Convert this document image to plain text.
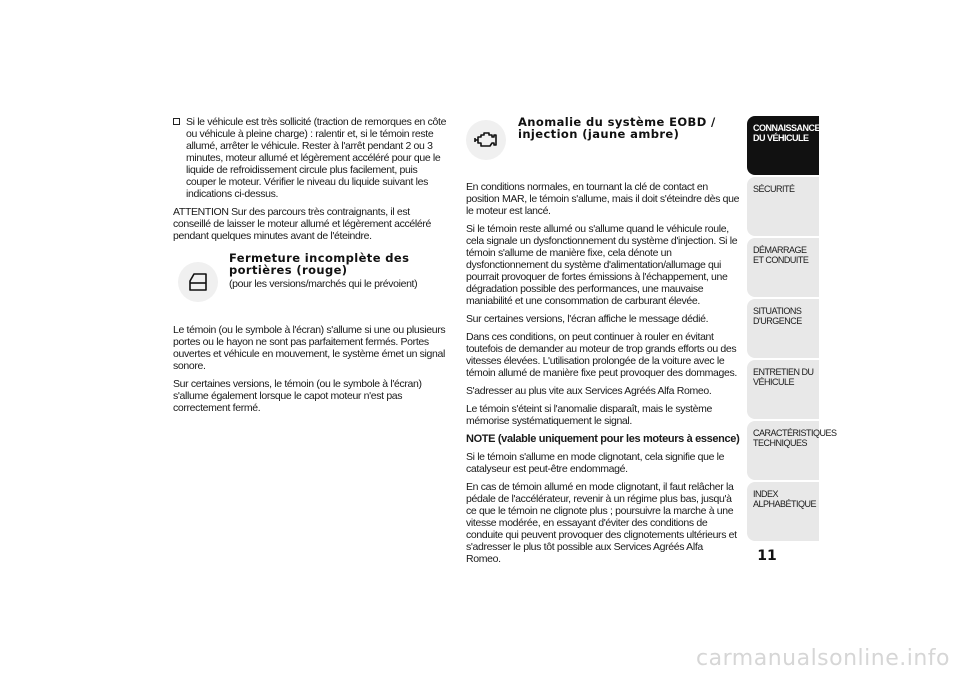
Si le véhicule est très sollicité (traction de remorques en côte ou véhicule à pleine charge) : ralentir et, si le témoin reste allumé, arrêter le véhicule. Rester à l'arrêt pendant 2 ou 3 minutes, moteur allumé et légèrement accéléré pour que le liquide de refroidissement circule plus facilement, puis couper le moteur. Vérifier le niveau du liquide suivant les indications ci-dessus.

ATTENTION Sur des parcours très contraignants, il est conseillé de laisser le moteur allumé et légèrement accéléré pendant quelques minutes avant de l'éteindre.

Fermeture incomplète des portières (rouge)
(pour les versions/marchés qui le prévoient)

Le témoin (ou le symbole à l'écran) s'allume si une ou plusieurs portes ou le hayon ne sont pas parfaitement fermés. Portes ouvertes et véhicule en mouvement, le système émet un signal sonore.

Sur certaines versions, le témoin (ou le symbole à l'écran) s'allume également lorsque le capot moteur n'est pas correctement fermé.

Anomalie du système EOBD / injection (jaune ambre)

En conditions normales, en tournant la clé de contact en position MAR, le témoin s'allume, mais il doit s'éteindre dès que le moteur est lancé.

Si le témoin reste allumé ou s'allume quand le véhicule roule, cela signale un dysfonctionnement du système d'injection. Si le témoin s'allume de manière fixe, cela dénote un dysfonctionnement du système d'alimentation/allumage qui pourrait provoquer de fortes émissions à l'échappement, une dégradation possible des performances, une mauvaise maniabilité et une consommation de carburant élevée.

Sur certaines versions, l'écran affiche le message dédié.

Dans ces conditions, on peut continuer à rouler en évitant toutefois de demander au moteur de trop grands efforts ou des vitesses élevées. L'utilisation prolongée de la voiture avec le témoin allumé de manière fixe peut provoquer des dommages.

S'adresser au plus vite aux Services Agréés Alfa Romeo.

Le témoin s'éteint si l'anomalie disparaît, mais le système mémorise systématiquement le signal.

NOTE (valable uniquement pour les moteurs à essence)

Si le témoin s'allume en mode clignotant, cela signifie que le catalyseur est peut-être endommagé.

En cas de témoin allumé en mode clignotant, il faut relâcher la pédale de l'accélérateur, revenir à un régime plus bas, jusqu'à ce que le témoin ne clignote plus ; poursuivre la marche à une vitesse modérée, en essayant d'éviter des conditions de conduite qui peuvent provoquer des clignotements ultérieurs et s'adresser le plus tôt possible aux Services Agréés Alfa Romeo.

CONNAISSANCE DU VÉHICULE
SÉCURITÉ
DÉMARRAGE ET CONDUITE
SITUATIONS D'URGENCE
ENTRETIEN DU VÉHICULE
CARACTÉRISTIQUES TECHNIQUES
INDEX ALPHABÉTIQUE
11
carmanualsonline.info
